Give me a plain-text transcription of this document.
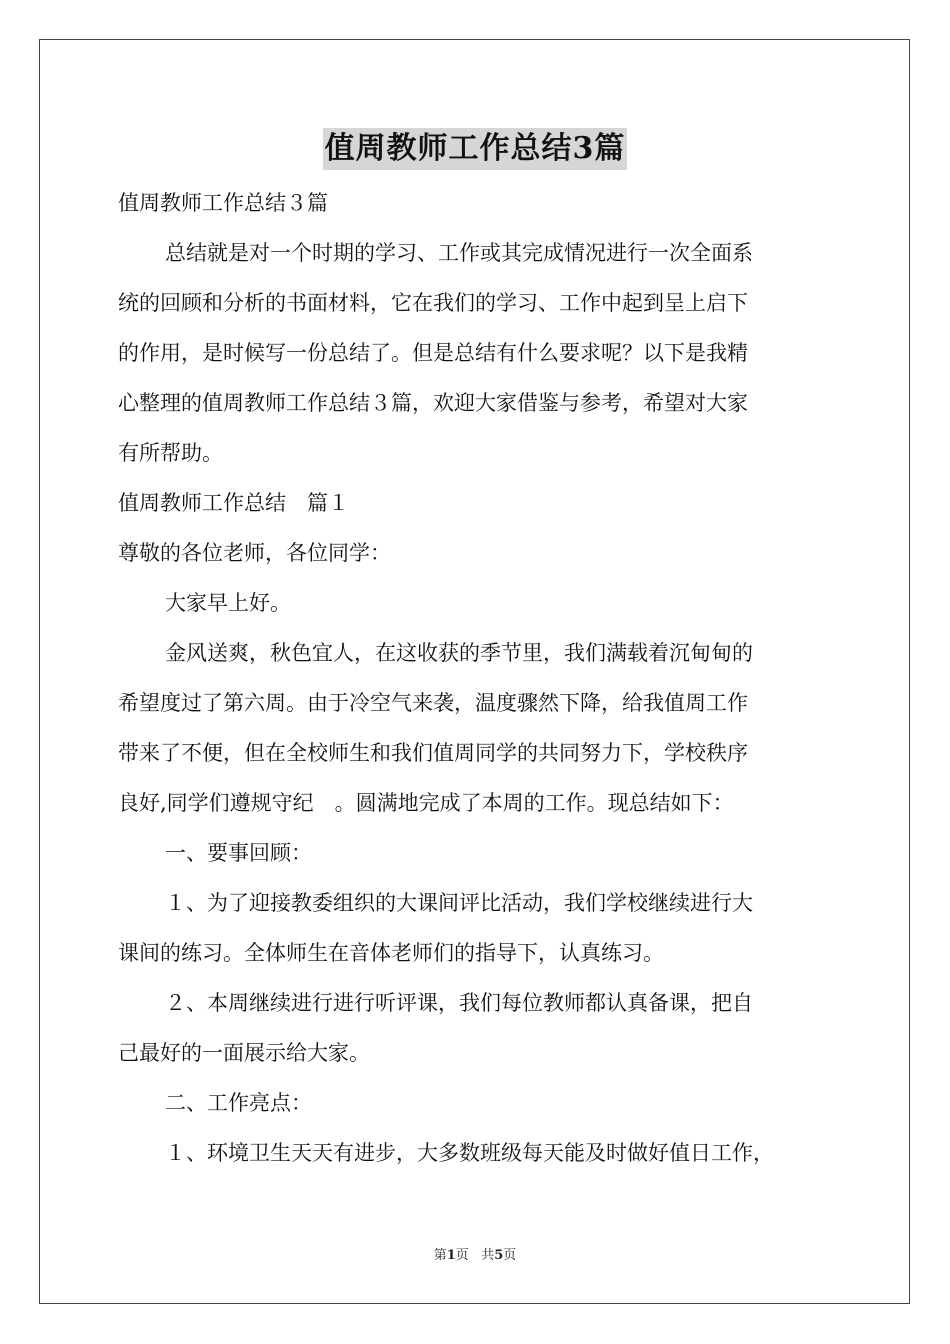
值周教师工作总结3篇

值周教师工作总结３篇

总结就是对一个时期的学习、工作或其完成情况进行一次全面系

统的回顾和分析的书面材料，它在我们的学习、工作中起到呈上启下

的作用，是时候写一份总结了。但是总结有什么要求呢？以下是我精

心整理的值周教师工作总结３篇，欢迎大家借鉴与参考，希望对大家

有所帮助。

值周教师工作总结　篇１

尊敬的各位老师，各位同学：

大家早上好。

金风送爽，秋色宜人，在这收获的季节里，我们满载着沉甸甸的

希望度过了第六周。由于冷空气来袭，温度骤然下降，给我值周工作

带来了不便，但在全校师生和我们值周同学的共同努力下，学校秩序

良好,同学们遵规守纪　。圆满地完成了本周的工作。现总结如下：

一、要事回顾：

１、为了迎接教委组织的大课间评比活动，我们学校继续进行大

课间的练习。全体师生在音体老师们的指导下，认真练习。

２、本周继续进行进行听评课，我们每位教师都认真备课，把自

己最好的一面展示给大家。

二、工作亮点：

１、环境卫生天天有进步，大多数班级每天能及时做好值日工作，

第1页 共5页
